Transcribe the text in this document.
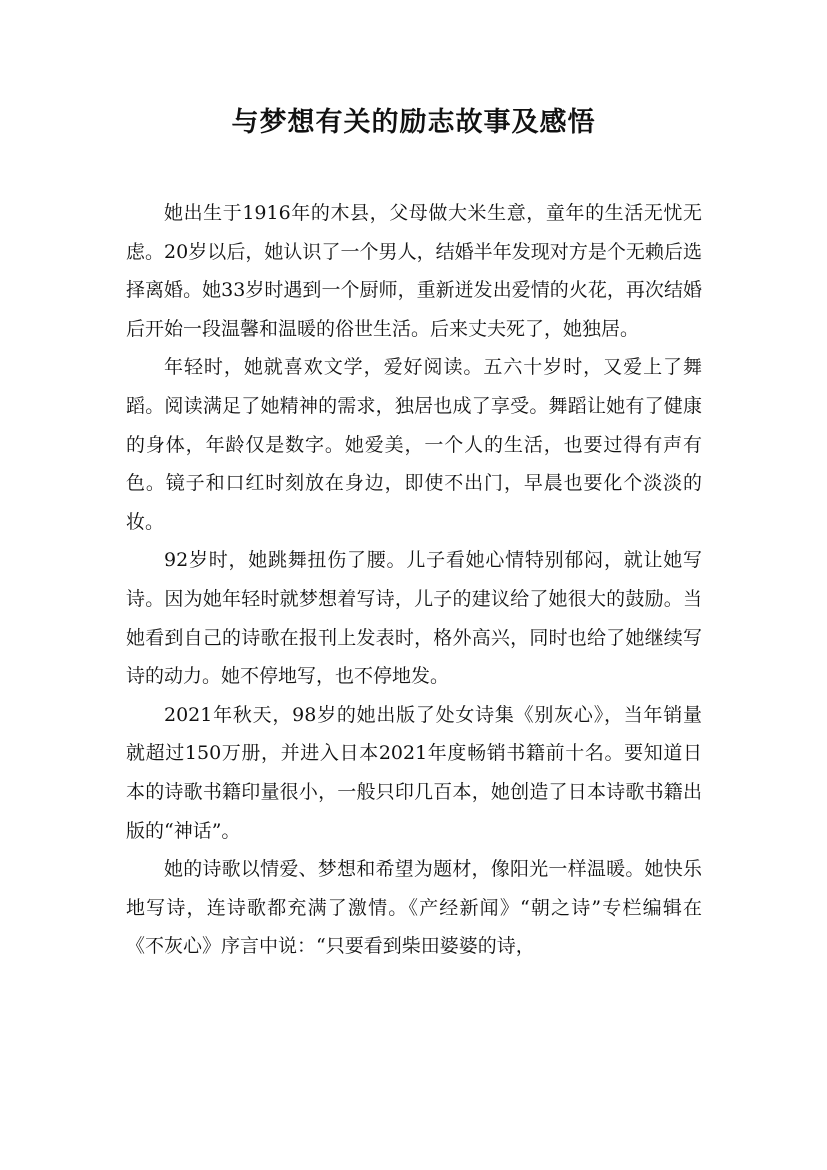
与梦想有关的励志故事及感悟

她出生于1916年的木县，父母做大米生意，童年的生活无忧无虑。20岁以后，她认识了一个男人，结婚半年发现对方是个无赖后选择离婚。她33岁时遇到一个厨师，重新迸发出爱情的火花，再次结婚后开始一段温馨和温暖的俗世生活。后来丈夫死了，她独居。

年轻时，她就喜欢文学，爱好阅读。五六十岁时，又爱上了舞蹈。阅读满足了她精神的需求，独居也成了享受。舞蹈让她有了健康的身体，年龄仅是数字。她爱美，一个人的生活，也要过得有声有色。镜子和口红时刻放在身边，即使不出门，早晨也要化个淡淡的妆。

92岁时，她跳舞扭伤了腰。儿子看她心情特别郁闷，就让她写诗。因为她年轻时就梦想着写诗，儿子的建议给了她很大的鼓励。当她看到自己的诗歌在报刊上发表时，格外高兴，同时也给了她继续写诗的动力。她不停地写，也不停地发。

2021年秋天，98岁的她出版了处女诗集《别灰心》，当年销量就超过150万册，并进入日本2021年度畅销书籍前十名。要知道日本的诗歌书籍印量很小，一般只印几百本，她创造了日本诗歌书籍出版的“神话”。

她的诗歌以情爱、梦想和希望为题材，像阳光一样温暖。她快乐地写诗，连诗歌都充满了激情。《产经新闻》“朝之诗”专栏编辑在《不灰心》序言中说：“只要看到柴田婆婆的诗，
